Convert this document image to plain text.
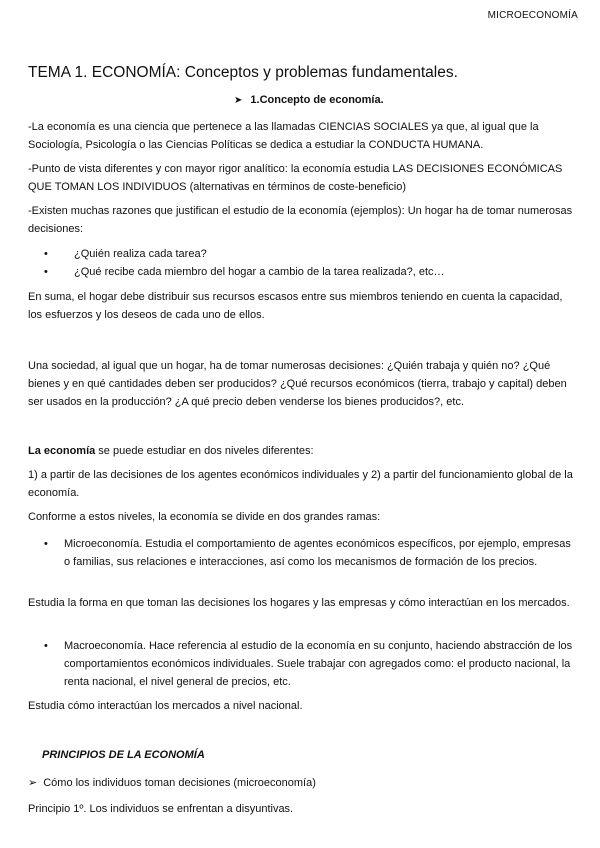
MICROECONOMÍA
TEMA 1. ECONOMÍA: Conceptos y problemas fundamentales.
➤ 1.Concepto de economía.

-La economía es una ciencia que pertenece a las llamadas CIENCIAS SOCIALES ya que, al igual que la Sociología, Psicología o las Ciencias Políticas se dedica a estudiar la CONDUCTA HUMANA.

-Punto de vista diferentes y con mayor rigor analítico: la economía estudia LAS DECISIONES ECONÓMICAS QUE TOMAN LOS INDIVIDUOS (alternativas en términos de coste-beneficio)

-Existen muchas razones que justifican el estudio de la economía (ejemplos): Un hogar ha de tomar numerosas decisiones:

•	¿Quién realiza cada tarea?
•	¿Qué recibe cada miembro del hogar a cambio de la tarea realizada?, etc…

En suma, el hogar debe distribuir sus recursos escasos entre sus miembros teniendo en cuenta la capacidad, los esfuerzos y los deseos de cada uno de ellos.

Una sociedad, al igual que un hogar, ha de tomar numerosas decisiones: ¿Quién trabaja y quién no? ¿Qué bienes y en qué cantidades deben ser producidos? ¿Qué recursos económicos (tierra, trabajo y capital) deben ser usados en la producción? ¿A qué precio deben venderse los bienes producidos?, etc.

La economía se puede estudiar en dos niveles diferentes:

1) a partir de las decisiones de los agentes económicos individuales y 2) a partir del funcionamiento global de la economía.

Conforme a estos niveles, la economía se divide en dos grandes ramas:

•	Microeconomía. Estudia el comportamiento de agentes económicos específicos, por ejemplo, empresas o familias, sus relaciones e interacciones, así como los mecanismos de formación de los precios.

Estudia la forma en que toman las decisiones los hogares y las empresas y cómo interactúan en los mercados.

•	Macroeconomía. Hace referencia al estudio de la economía en su conjunto, haciendo abstracción de los comportamientos económicos individuales. Suele trabajar con agregados como: el producto nacional, la renta nacional, el nivel general de precios, etc.

Estudia cómo interactúan los mercados a nivel nacional.

PRINCIPIOS DE LA ECONOMÍA
➢ Cómo los individuos toman decisiones (microeconomía)

Principio 1º. Los individuos se enfrentan a disyuntivas.
